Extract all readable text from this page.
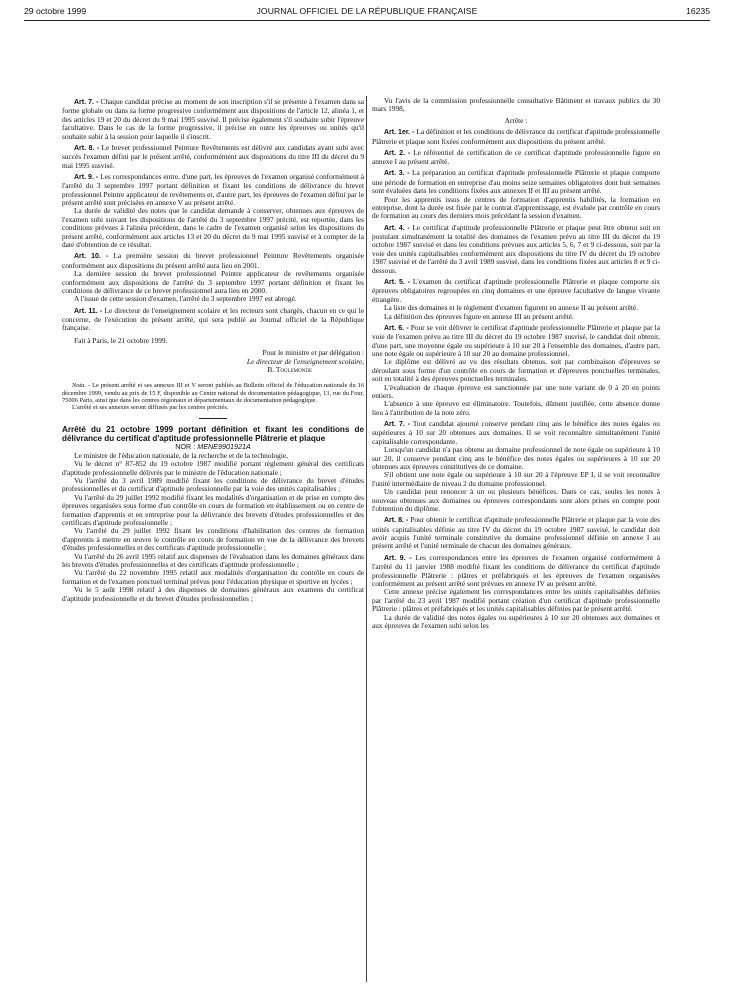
29 octobre 1999	JOURNAL OFFICIEL DE LA RÉPUBLIQUE FRANÇAISE	16235

Art. 7. - Chaque candidat précise au moment de son inscription s'il se présente à l'examen dans sa forme globale ou dans sa forme progressive conformément aux dispositions de l'article 12, alinéa 1, et des articles 19 et 20 du décret du 9 mai 1995 susvisé. Il précise également s'il souhaite subir l'épreuve facultative. Dans le cas de la forme progressive, il précise en outre les épreuves ou unités qu'il souhaite subir à la session pour laquelle il s'inscrit.

Art. 8. - Le brevet professionnel Peinture Revêtements est délivré aux candidats ayant subi avec succès l'examen défini par le présent arrêté, conformément aux dispositions du titre III du décret du 9 mai 1995 susvisé.

Art. 9. - Les correspondances entre, d'une part, les épreuves de l'examen organisé conformément à l'arrêté du 3 septembre 1997 portant définition et fixant les conditions de délivrance du brevet professionnel Peintre applicateur de revêtements et, d'autre part, les épreuves de l'examen défini par le présent arrêté sont précisées en annexe V au présent arrêté.

La durée de validité des notes que le candidat demande à conserver, obtenues aux épreuves de l'examen subi suivant les dispositions de l'arrêté du 3 septembre 1997 précité, est reportée, dans les conditions prévues à l'alinéa précédent, dans le cadre de l'examen organisé selon les dispositions du présent arrêté, conformément aux articles 13 et 20 du décret du 9 mai 1995 susvisé et à compter de la date d'obtention de ce résultat.

Art. 10. - La première session du brevet professionnel Peinture Revêtements organisée conformément aux dispositions du présent arrêté aura lieu en 2001.

La dernière session du brevet professionnel Peintre applicateur de revêtements organisée conformément aux dispositions de l'arrêté du 3 septembre 1997 portant définition et fixant les conditions de délivrance de ce brevet professionnel aura lieu en 2000.

A l'issue de cette session d'examen, l'arrêté du 3 septembre 1997 est abrogé.

Art. 11. - Le directeur de l'enseignement scolaire et les recteurs sont chargés, chacun en ce qui le concerne, de l'exécution du présent arrêté, qui sera publié au Journal officiel de la République française.

Fait à Paris, le 21 octobre 1999.

Pour le ministre et par délégation :
Le directeur de l'enseignement scolaire,
B. Toulemonde

Nota. - Le présent arrêté et ses annexes III et V seront publiés au Bulletin officiel de l'éducation nationale du 16 décembre 1999, vendu au prix de 15 F, disponible au Centre national de documentation pédagogique, 13, rue du Four, 75006 Paris, ainsi que dans les centres régionaux et départementaux de documentation pédagogique.

L'arrêté et ses annexes seront diffusés par les centres précités.

Arrêté du 21 octobre 1999 portant définition et fixant les conditions de délivrance du certificat d'aptitude professionnelle Plâtrerie et plaque

NOR : MENE9901921A

Le ministre de l'éducation nationale, de la recherche et de la technologie,

Vu le décret n° 87-852 du 19 octobre 1987 modifié portant règlement général des certificats d'aptitude professionnelle délivrés par le ministre de l'éducation nationale ;

Vu l'arrêté du 3 avril 1989 modifié fixant les conditions de délivrance du brevet d'études professionnelles et du certificat d'aptitude professionnelle par la voie des unités capitalisables ;

Vu l'arrêté du 29 juillet 1992 modifié fixant les modalités d'organisation et de prise en compte des épreuves organisées sous forme d'un contrôle en cours de formation en établissement ou en centre de formation d'apprentis et en entreprise pour la délivrance des brevets d'études professionnelles et des certificats d'aptitude professionnelle ;

Vu l'arrêté du 29 juillet 1992 fixant les conditions d'habilitation des centres de formation d'apprentis à mettre en œuvre le contrôle en cours de formation en vue de la délivrance des brevets d'études professionnelles et des certificats d'aptitude professionnelle ;

Vu l'arrêté du 26 avril 1995 relatif aux dispenses de l'évaluation dans les domaines généraux dans les brevets d'études professionnelles et des certificats d'aptitude professionnelle ;

Vu l'arrêté du 22 novembre 1995 relatif aux modalités d'organisation du contrôle en cours de formation et de l'examen ponctuel terminal prévus pour l'éducation physique et sportive en lycées ;

Vu le 5 août 1998 relatif à des dispenses de domaines généraux aux examens du certificat d'aptitude professionnelle et du brevet d'études professionnelles ;

Vu l'avis de la commission professionnelle consultative Bâtiment et travaux publics du 30 mars 1998,

Arrête :

Art. 1er. - La définition et les conditions de délivrance du certificat d'aptitude professionnelle Plâtrerie et plaque sont fixées conformément aux dispositions du présent arrêté.

Art. 2. - Le référentiel de certification de ce certificat d'aptitude professionnelle figure en annexe I au présent arrêté.

Art. 3. - La préparation au certificat d'aptitude professionnelle Plâtrerie et plaque comporte une période de formation en entreprise d'au moins seize semaines obligatoires dont huit semaines sont évaluées dans les conditions fixées aux annexes II et III au présent arrêté.

Pour les apprentis issus de centres de formation d'apprentis habilités, la formation en entreprise, dont la durée est fixée par le contrat d'apprentissage, est évaluée par contrôle en cours de formation au cours des derniers mois précédant la session d'examen.

Art. 4. - Le certificat d'aptitude professionnelle Plâtrerie et plaque peut être obtenu soit en postulant simultanément la totalité des domaines de l'examen prévu au titre III du décret du 19 octobre 1987 susvisé et dans les conditions prévues aux articles 5, 6, 7 et 9 ci-dessous, soit par la voie des unités capitalisables conformément aux dispositions du titre IV du décret du 19 octobre 1987 susvisé et de l'arrêté du 3 avril 1989 susvisé, dans les conditions fixées aux articles 8 et 9 ci-dessous.

Art. 5. - L'examen du certificat d'aptitude professionnelle Plâtrerie et plaque comporte six épreuves obligatoires regroupées en cinq domaines et une épreuve facultative de langue vivante étrangère.

La liste des domaines et le règlement d'examen figurent en annexe II au présent arrêté.

La définition des épreuves figure en annexe III au présent arrêté.

Art. 6. - Pour se voir délivrer le certificat d'aptitude professionnelle Plâtrerie et plaque par la voie de l'examen prévu au titre III du décret du 19 octobre 1987 susvisé, le candidat doit obtenir, d'une part, une moyenne égale ou supérieure à 10 sur 20 à l'ensemble des domaines, d'autre part, une note égale ou supérieure à 10 sur 20 au domaine professionnel.

Le diplôme est délivré au vu des résultats obtenus, soit par combinaison d'épreuves se déroulant sous forme d'un contrôle en cours de formation et d'épreuves ponctuelles terminales, soit en totalité à des épreuves ponctuelles terminales.

L'évaluation de chaque épreuve est sanctionnée par une note variant de 0 à 20 en points entiers.

L'absence à une épreuve est éliminatoire. Toutefois, dûment justifiée, cette absence donne lieu à l'attribution de la note zéro.

Art. 7. - Tout candidat ajourné conserve pendant cinq ans le bénéfice des notes égales ou supérieures à 10 sur 20 obtenues aux domaines. Il se voit reconnaître simultanément l'unité capitalisable correspondante.

Lorsqu'un candidat n'a pas obtenu au domaine professionnel de note égale ou supérieure à 10 sur 20, il conserve pendant cinq ans le bénéfice des notes égales ou supérieures à 10 sur 20 obtenues aux épreuves constitutives de ce domaine.

S'il obtient une note égale ou supérieure à 10 sur 20 à l'épreuve EP I, il se voit reconnaître l'unité intermédiaire de niveau 2 du domaine professionnel.

Un candidat peut renoncer à un ou plusieurs bénéfices. Dans ce cas, seules les notes à nouveau obtenues aux domaines ou épreuves correspondants sont alors prises en compte pour l'obtention du diplôme.

Art. 8. - Pour obtenir le certificat d'aptitude professionnelle Plâtrerie et plaque par la voie des unités capitalisables définie au titre IV du décret du 19 octobre 1987 susvisé, le candidat doit avoir acquis l'unité terminale constitutive du domaine professionnel définie en annexe I au présent arrêté et l'unité terminale de chacun des domaines généraux.

Art. 9. - Les correspondances entre les épreuves de l'examen organisé conformément à l'arrêté du 11 janvier 1988 modifié fixant les conditions de délivrance du certificat d'aptitude professionnelle Plâtrerie : plâtres et préfabriqués et les épreuves de l'examen organisées conformément au présent arrêté sont prévues en annexe IV au présent arrêté.

Cette annexe précise également les correspondances entre les unités capitalisables définies par l'arrêté du 23 avril 1987 modifié portant création d'un certificat d'aptitude professionnelle Plâtrerie : plâtres et préfabriqués et les unités capitalisables définies par le présent arrêté.

La durée de validité des notes égales ou supérieures à 10 sur 20 obtenues aux domaines et aux épreuves de l'examen subi selon les
